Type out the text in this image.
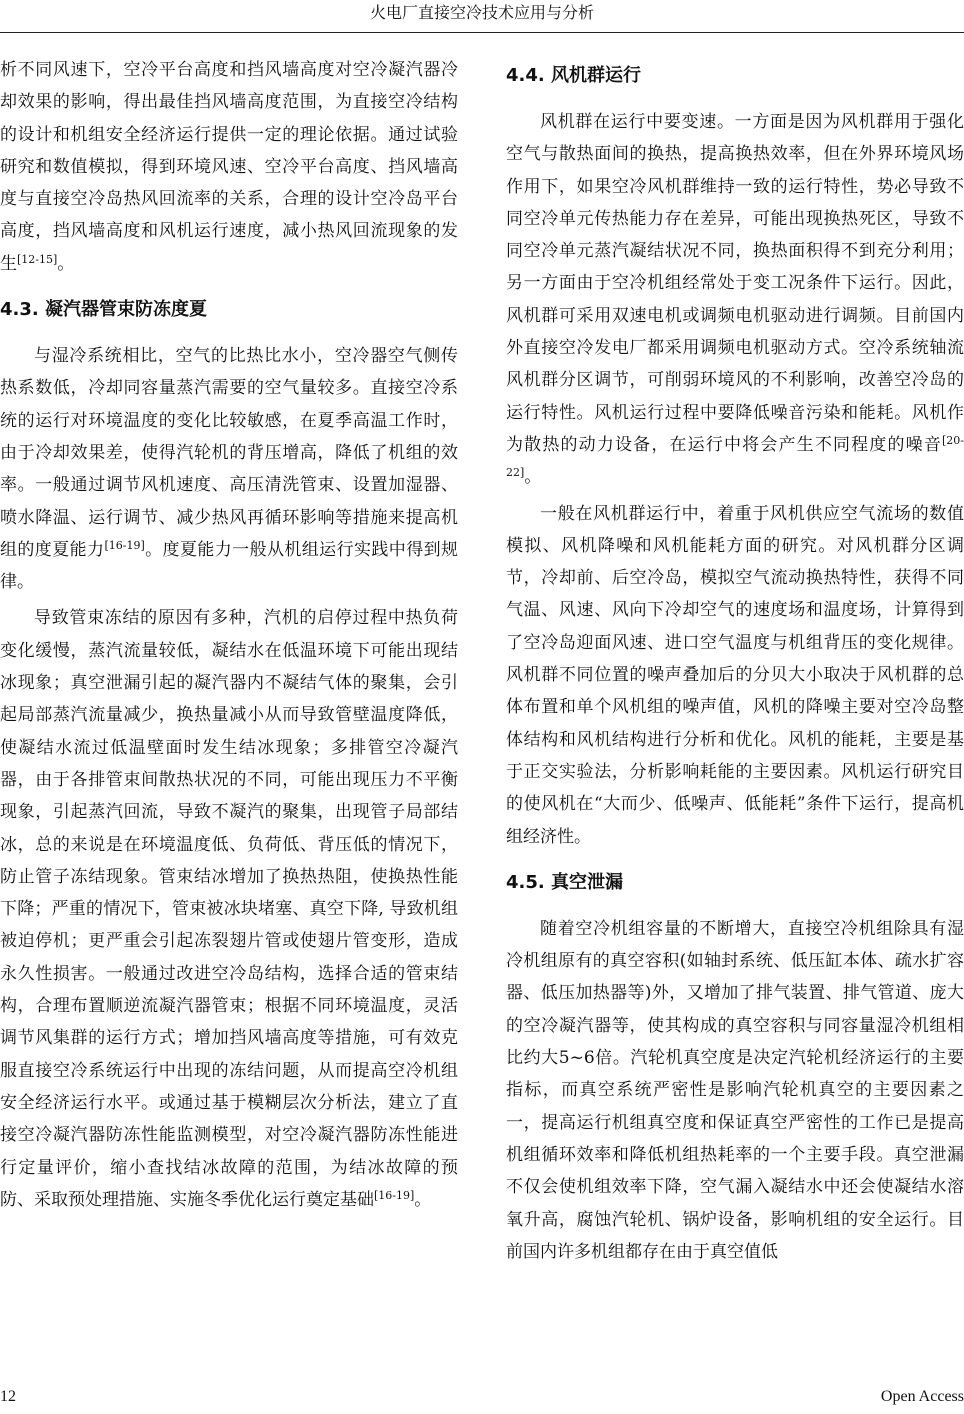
火电厂直接空冷技术应用与分析

析不同风速下，空冷平台高度和挡风墙高度对空冷凝汽器冷却效果的影响，得出最佳挡风墙高度范围，为直接空冷结构的设计和机组安全经济运行提供一定的理论依据。通过试验研究和数值模拟，得到环境风速、空冷平台高度、挡风墙高度与直接空冷岛热风回流率的关系，合理的设计空冷岛平台高度，挡风墙高度和风机运行速度，减小热风回流现象的发生[12-15]。

4.3. 凝汽器管束防冻度夏

与湿冷系统相比，空气的比热比水小，空冷器空气侧传热系数低，冷却同容量蒸汽需要的空气量较多。直接空冷系统的运行对环境温度的变化比较敏感，在夏季高温工作时，由于冷却效果差，使得汽轮机的背压增高，降低了机组的效率。一般通过调节风机速度、高压清洗管束、设置加湿器、喷水降温、运行调节、减少热风再循环影响等措施来提高机组的度夏能力[16-19]。度夏能力一般从机组运行实践中得到规律。

导致管束冻结的原因有多种，汽机的启停过程中热负荷变化缓慢，蒸汽流量较低，凝结水在低温环境下可能出现结冰现象；真空泄漏引起的凝汽器内不凝结气体的聚集，会引起局部蒸汽流量减少，换热量减小从而导致管壁温度降低，使凝结水流过低温壁面时发生结冰现象；多排管空冷凝汽器，由于各排管束间散热状况的不同，可能出现压力不平衡现象，引起蒸汽回流，导致不凝汽的聚集，出现管子局部结冰，总的来说是在环境温度低、负荷低、背压低的情况下，防止管子冻结现象。管束结冰增加了换热热阻，使换热性能下降；严重的情况下，管束被冰块堵塞、真空下降, 导致机组被迫停机；更严重会引起冻裂翅片管或使翅片管变形，造成永久性损害。一般通过改进空冷岛结构，选择合适的管束结构，合理布置顺逆流凝汽器管束；根据不同环境温度，灵活调节风集群的运行方式；增加挡风墙高度等措施，可有效克服直接空冷系统运行中出现的冻结问题，从而提高空冷机组安全经济运行水平。或通过基于模糊层次分析法，建立了直接空冷凝汽器防冻性能监测模型，对空冷凝汽器防冻性能进行定量评价，缩小查找结冰故障的范围，为结冰故障的预防、采取预处理措施、实施冬季优化运行奠定基础[16-19]。

4.4. 风机群运行

风机群在运行中要变速。一方面是因为风机群用于强化空气与散热面间的换热，提高换热效率，但在外界环境风场作用下，如果空冷风机群维持一致的运行特性，势必导致不同空冷单元传热能力存在差异，可能出现换热死区，导致不同空冷单元蒸汽凝结状况不同，换热面积得不到充分利用；另一方面由于空冷机组经常处于变工况条件下运行。因此，风机群可采用双速电机或调频电机驱动进行调频。目前国内外直接空冷发电厂都采用调频电机驱动方式。空冷系统轴流风机群分区调节，可削弱环境风的不利影响，改善空冷岛的运行特性。风机运行过程中要降低噪音污染和能耗。风机作为散热的动力设备，在运行中将会产生不同程度的噪音[20-22]。

一般在风机群运行中，着重于风机供应空气流场的数值模拟、风机降噪和风机能耗方面的研究。对风机群分区调节，冷却前、后空冷岛，模拟空气流动换热特性，获得不同气温、风速、风向下冷却空气的速度场和温度场，计算得到了空冷岛迎面风速、进口空气温度与机组背压的变化规律。风机群不同位置的噪声叠加后的分贝大小取决于风机群的总体布置和单个风机组的噪声值，风机的降噪主要对空冷岛整体结构和风机结构进行分析和优化。风机的能耗，主要是基于正交实验法，分析影响耗能的主要因素。风机运行研究目的使风机在“大而少、低噪声、低能耗”条件下运行，提高机组经济性。

4.5. 真空泄漏

随着空冷机组容量的不断增大，直接空冷机组除具有湿冷机组原有的真空容积(如轴封系统、低压缸本体、疏水扩容器、低压加热器等)外，又增加了排气装置、排气管道、庞大的空冷凝汽器等，使其构成的真空容积与同容量湿冷机组相比约大5~6倍。汽轮机真空度是决定汽轮机经济运行的主要指标，而真空系统严密性是影响汽轮机真空的主要因素之一，提高运行机组真空度和保证真空严密性的工作已是提高机组循环效率和降低机组热耗率的一个主要手段。真空泄漏不仅会使机组效率下降，空气漏入凝结水中还会使凝结水溶氧升高，腐蚀汽轮机、锅炉设备，影响机组的安全运行。目前国内许多机组都存在由于真空值低

12	Open Access
